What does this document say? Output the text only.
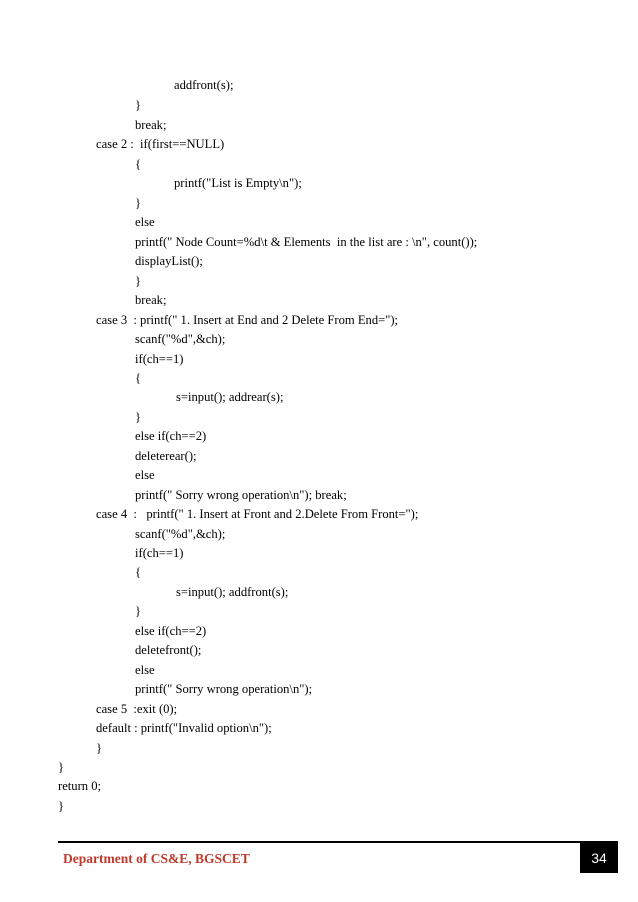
addfront(s);
}
break;
case 2 :  if(first==NULL)
{
printf("List is Empty\n");
}
else
printf(" Node Count=%d\t & Elements  in the list are : \n", count());
displayList();
}
break;
case 3  : printf(" 1. Insert at End and 2 Delete From End=");
scanf("%d",&ch);
if(ch==1)
{
s=input(); addrear(s);
}
else if(ch==2)
deleterear();
else
printf(" Sorry wrong operation\n"); break;
case 4  :   printf(" 1. Insert at Front and 2.Delete From Front=");
scanf("%d",&ch);
if(ch==1)
{
s=input(); addfront(s);
}
else if(ch==2)
deletefront();
else
printf(" Sorry wrong operation\n");
case 5  :exit (0);
default : printf("Invalid option\n");
}
}
return 0;
}
Department of CS&E, BGSCET	34
